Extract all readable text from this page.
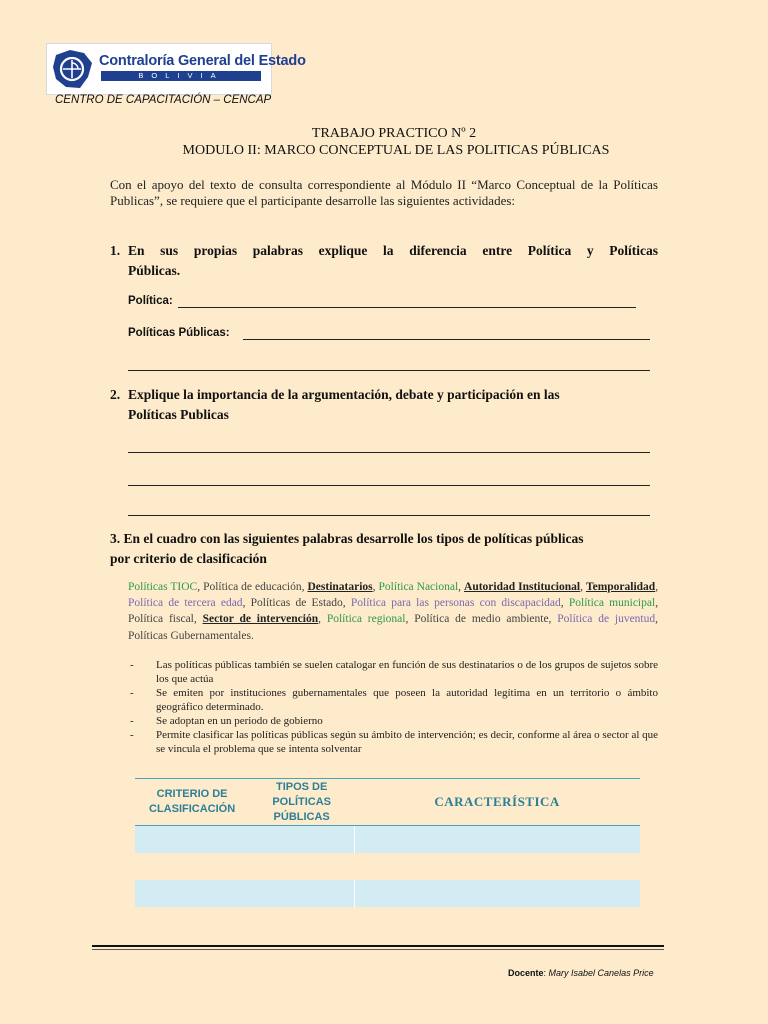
Contraloría General del Estado
BOLIVIA
CENTRO DE CAPACITACIÓN – CENCAP
TRABAJO PRACTICO Nº 2
MODULO II: MARCO CONCEPTUAL DE LAS POLITICAS PÚBLICAS
Con el apoyo del texto de consulta correspondiente al Módulo II “Marco Conceptual de la Políticas Publicas”, se requiere que el participante desarrolle las siguientes actividades:
1. En sus propias palabras explique la diferencia entre Política y Políticas
Públicas.
Política:
Políticas Públicas:
2. Explique la importancia de la argumentación, debate y participación en las
Políticas Publicas
3. En el cuadro con las siguientes palabras desarrolle los tipos de políticas públicas
por criterio de clasificación
Políticas TIOC, Política de educación, Destinatarios, Política Nacional, Autoridad Institucional, Temporalidad, Política de tercera edad, Políticas de Estado, Política para las personas con discapacidad, Política municipal, Política fiscal, Sector de intervención, Política regional, Política de medio ambiente, Política de juventud, Políticas Gubernamentales.
-	Las políticas públicas también se suelen catalogar en función de sus destinatarios o de los grupos de sujetos sobre los que actúa
-	Se emiten por instituciones gubernamentales que poseen la autoridad legítima en un territorio o ámbito geográfico determinado.
-	Se adoptan en un periodo de gobierno
-	Permite clasificar las políticas públicas según su ámbito de intervención; es decir, conforme al área o sector al que se vincula el problema que se intenta solventar
CRITERIO DE CLASIFICACIÓN	TIPOS DE POLÍTICAS PÚBLICAS	CARACTERÍSTICA

Docente: Mary Isabel Canelas Price
